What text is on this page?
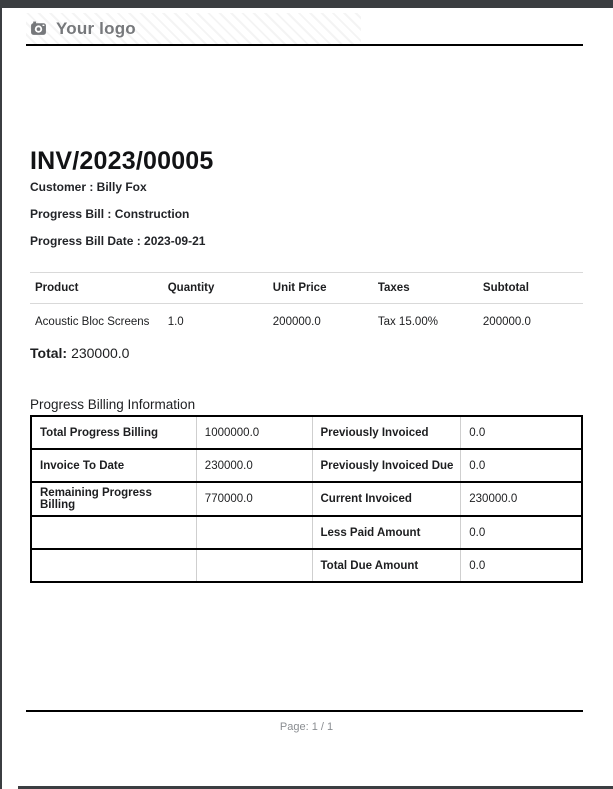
Your logo
INV/2023/00005
Customer : Billy Fox
Progress Bill : Construction
Progress Bill Date : 2023-09-21
Product	Quantity	Unit Price	Taxes	Subtotal
Acoustic Bloc Screens	1.0	200000.0	Tax 15.00%	200000.0
Total: 230000.0
Progress Billing Information
Total Progress Billing	1000000.0	Previously Invoiced	0.0
Invoice To Date	230000.0	Previously Invoiced Due	0.0
Remaining Progress Billing	770000.0	Current Invoiced	230000.0
		Less Paid Amount	0.0
		Total Due Amount	0.0
Page: 1 / 1
